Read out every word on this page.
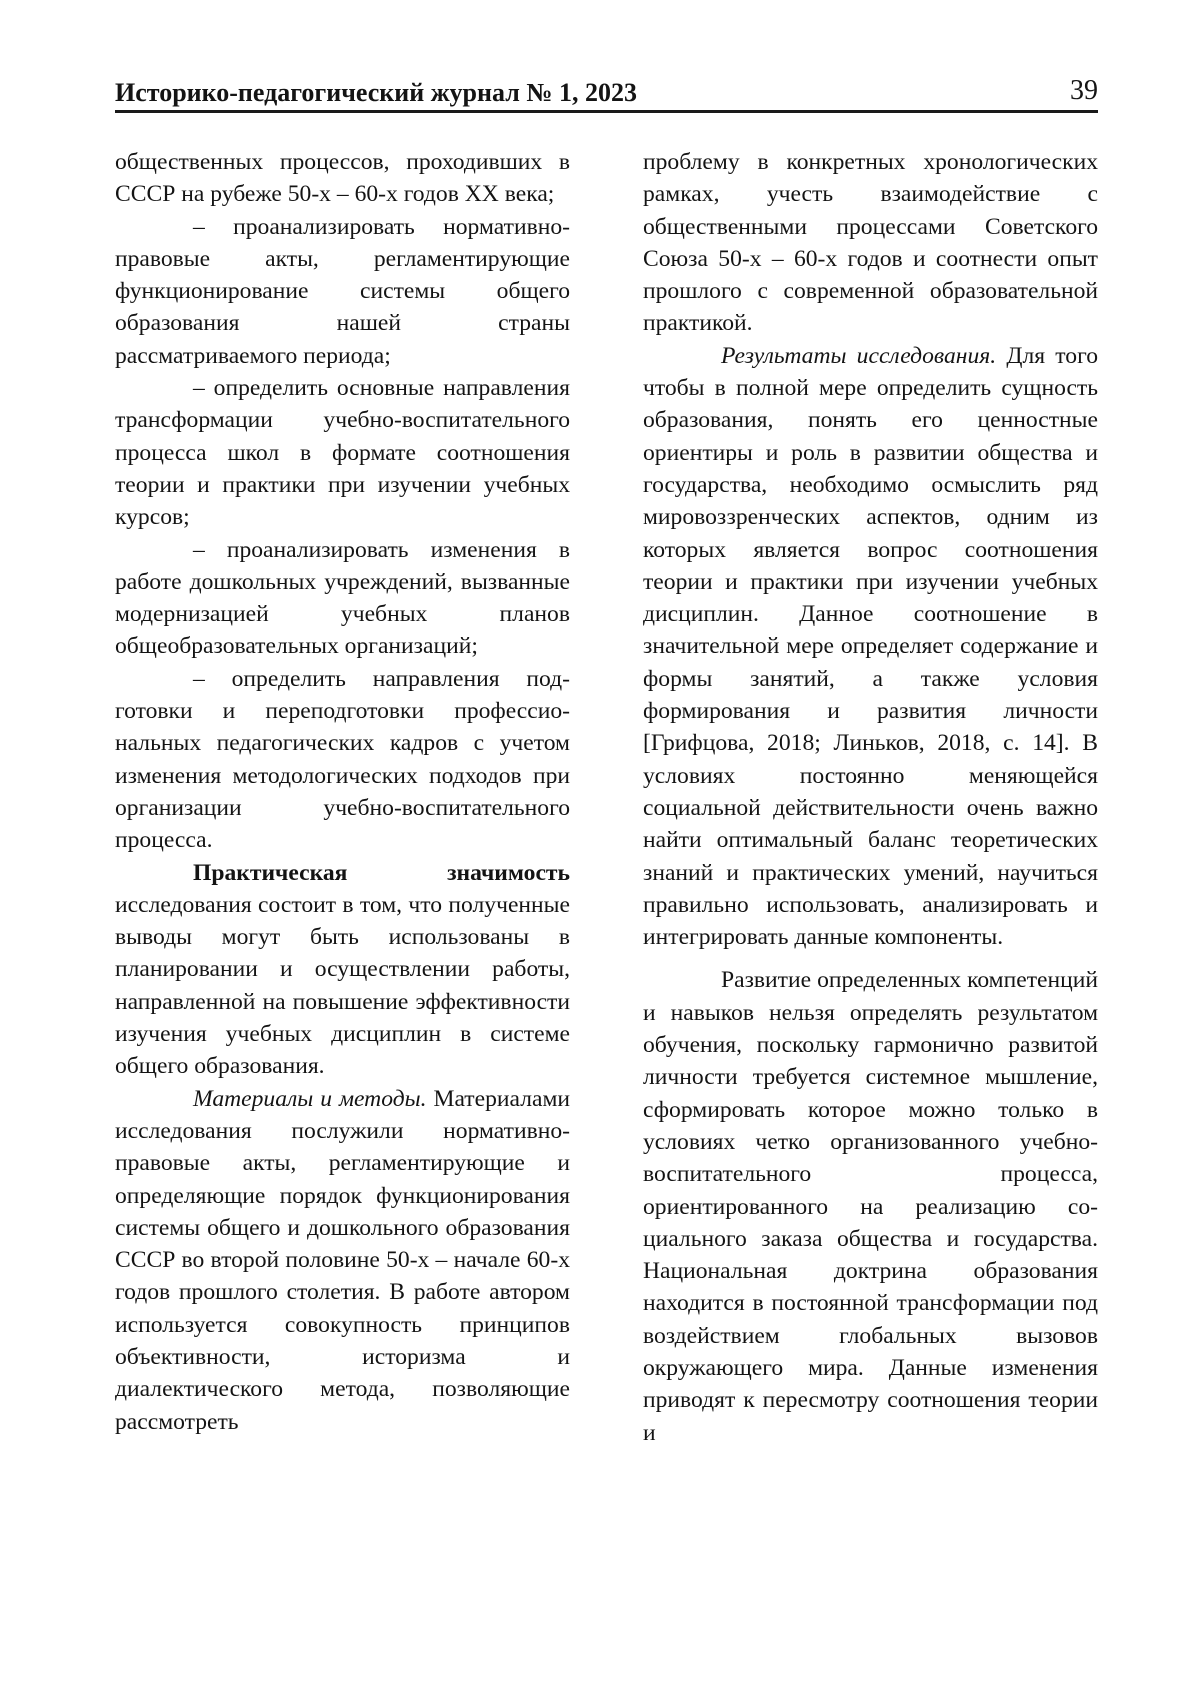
Историко-педагогический журнал № 1, 2023	39

общественных процессов, проходивших в СССР на рубеже 50-х – 60-х годов XX века;

– проанализировать нормативно-правовые акты, регламентирующие функционирование системы общего образования нашей страны рассматриваемого периода;

– определить основные направления трансформации учебно-воспитательного процесса школ в формате соотношения теории и практики при изучении учебных курсов;

– проанализировать изменения в работе дошкольных учреждений, вызванные модернизацией учебных планов общеобразовательных организаций;

– определить направления подготовки и переподготовки профессиональных педагогических кадров с учетом изменения методологических подходов при организации учебно-воспитательного процесса.

Практическая значимость исследования состоит в том, что полученные выводы могут быть использованы в планировании и осуществлении работы, направленной на повышение эффективности изучения учебных дисциплин в системе общего образования.

Материалы и методы. Материалами исследования послужили нормативно-правовые акты, регламентирующие и определяющие порядок функционирования системы общего и дошкольного образования СССР во второй половине 50-х – начале 60-х годов прошлого столетия. В работе автором используется совокупность принципов объективности, историзма и диалектического метода, позволяющие рассмотреть

проблему в конкретных хронологических рамках, учесть взаимодействие с общественными процессами Советского Союза 50-х – 60-х годов и соотнести опыт прошлого с современной образовательной практикой.

Результаты исследования. Для того чтобы в полной мере определить сущность образования, понять его ценностные ориентиры и роль в развитии общества и государства, необходимо осмыслить ряд мировоззренческих аспектов, одним из которых является вопрос соотношения теории и практики при изучении учебных дисциплин. Данное соотношение в значительной мере определяет содержание и формы занятий, а также условия формирования и развития личности [Грифцова, 2018; Линьков, 2018, с. 14]. В условиях постоянно меняющейся социальной действительности очень важно найти оптимальный баланс теоретических знаний и практических умений, научиться правильно использовать, анализировать и интегрировать данные компоненты.

Развитие определенных компетенций и навыков нельзя определять результатом обучения, поскольку гармонично развитой личности требуется системное мышление, сформировать которое можно только в условиях четко организованного учебно-воспитательного процесса, ориентированного на реализацию социального заказа общества и государства. Национальная доктрина образования находится в постоянной трансформации под воздействием глобальных вызовов окружающего мира. Данные изменения приводят к пересмотру соотношения теории и
